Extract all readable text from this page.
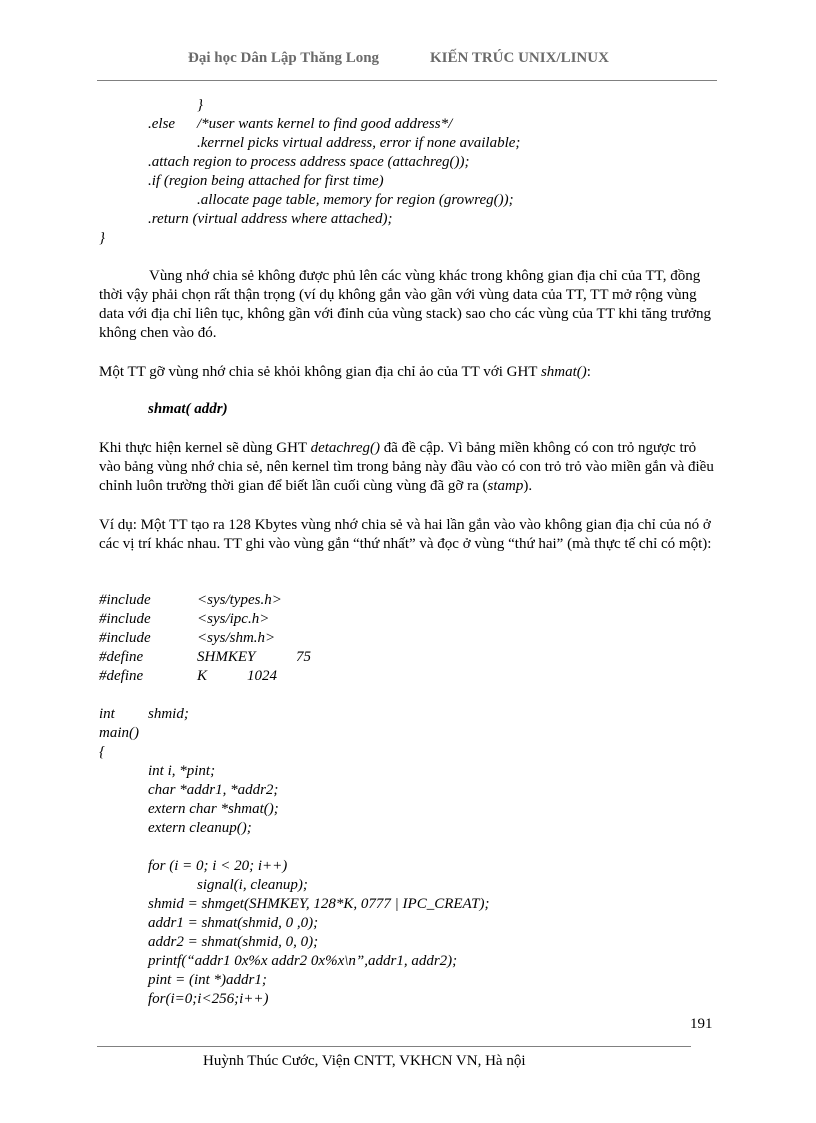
Đại học Dân Lập Thăng Long	KIẾN TRÚC UNIX/LINUX
}
.else /*user wants kernel to find good address*/
.kerrnel picks virtual address, error if none available;
.attach region to process address space (attachreg());
.if (region being attached for first time)
.allocate page table, memory for region (growreg());
.return (virtual address where attached);
}
Vùng nhớ chia sẻ không được phủ lên các vùng khác trong không gian địa chỉ của TT, đồng thời vậy phải chọn rất thận trọng (ví dụ không gắn vào gần với vùng data của TT, TT mở rộng vùng data với địa chỉ liên tục, không gần với đỉnh của vùng stack) sao cho các vùng của TT khi tăng trưởng không chen vào đó.
Một TT gỡ vùng nhớ chia sẻ khỏi không gian địa chỉ ảo của TT với GHT shmat():
shmat( addr)
Khi thực hiện kernel sẽ dùng GHT detachreg() đã đề cập. Vì bảng miền không có con trỏ ngược trỏ vào bảng vùng nhớ chia sẻ, nên kernel tìm trong bảng này đầu vào có con trỏ trỏ vào miền gắn và điều chỉnh luôn trường thời gian để biết lần cuối cùng vùng đã gỡ ra (stamp).
Ví dụ: Một TT tạo ra 128 Kbytes vùng nhớ chia sẻ và hai lần gắn vào vào không gian địa chỉ của nó ở các vị trí khác nhau. TT ghi vào vùng gắn “thứ nhất” và đọc ở vùng “thứ hai” (mà thực tế chỉ có một):
#include	<sys/types.h>
#include	<sys/ipc.h>
#include	<sys/shm.h>
#define	SHMKEY	75
#define	K	1024
int shmid;
main()
{
int i, *pint;
char *addr1, *addr2;
extern char *shmat();
extern cleanup();
for (i = 0; i < 20; i++)
signal(i, cleanup);
shmid = shmget(SHMKEY, 128*K, 0777 | IPC_CREAT);
addr1 = shmat(shmid, 0 ,0);
addr2 = shmat(shmid, 0, 0);
printf(“addr1 0x%x addr2 0x%x\n”,addr1, addr2);
pint = (int *)addr1;
for(i=0;i<256;i++)
191
Huỳnh Thúc Cước, Viện CNTT, VKHCN VN, Hà nội
